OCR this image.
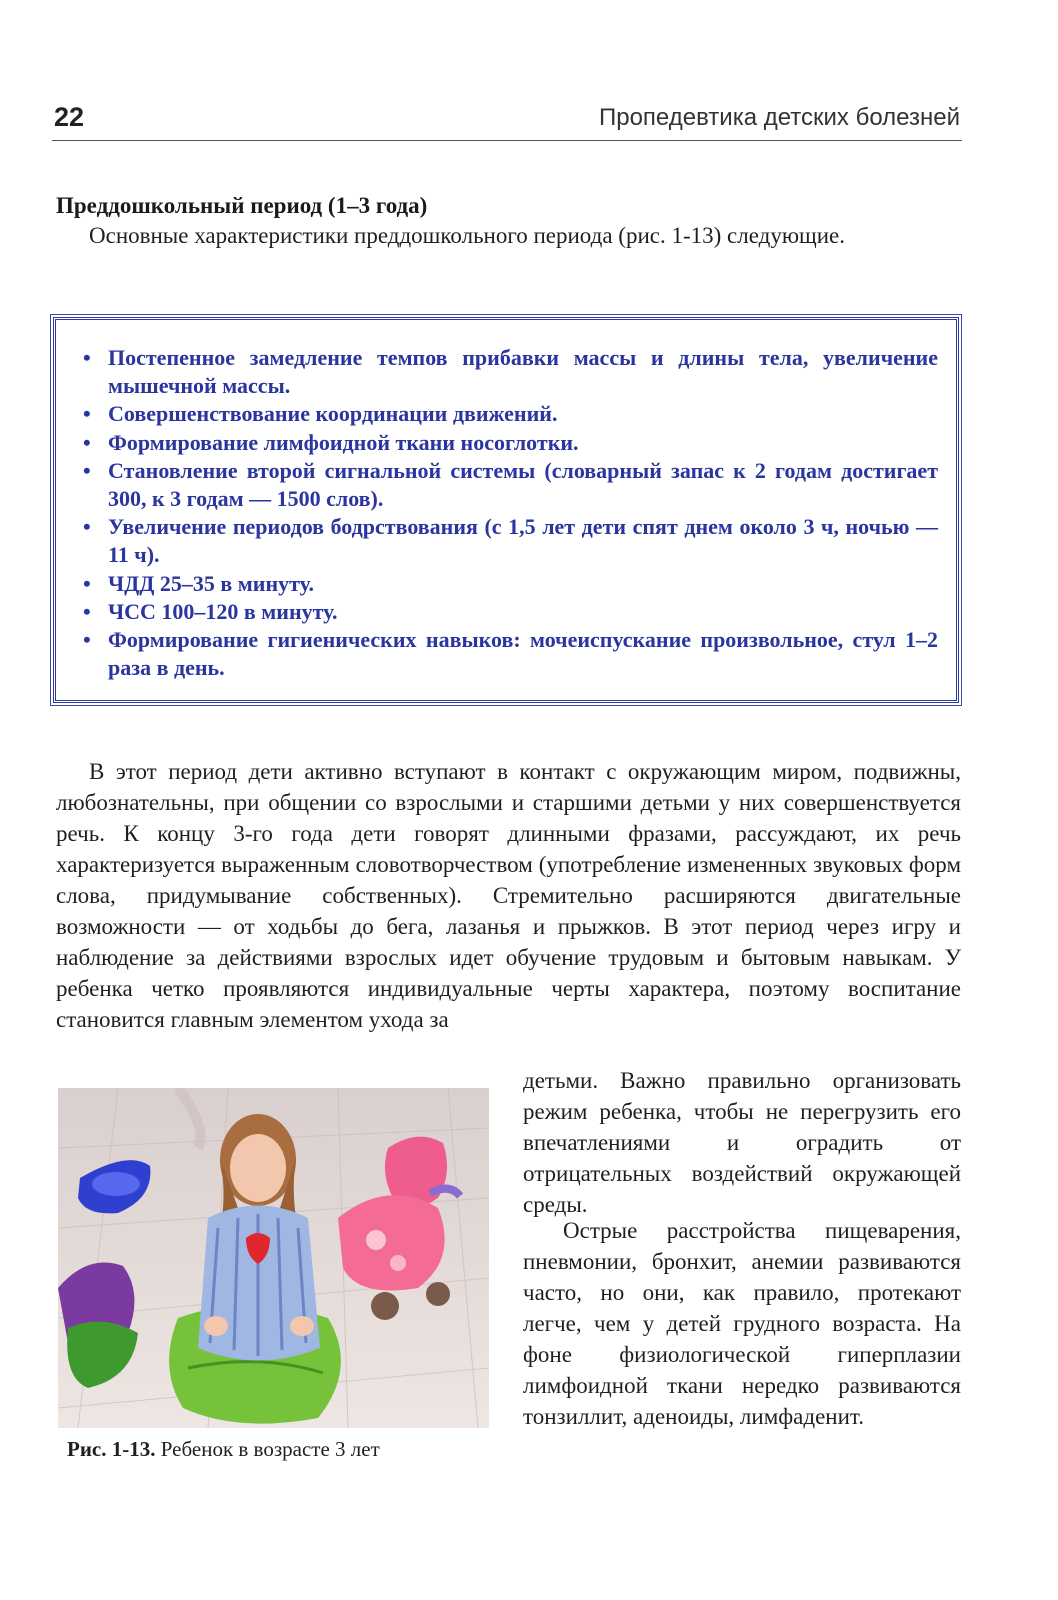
22	Пропедевтика детских болезней
Преддошкольный период (1–3 года)

Основные характеристики преддошкольного периода (рис. 1-13) следующие.

• Постепенное замедление темпов прибавки массы и длины тела, увеличение мышечной массы.
• Совершенствование координации движений.
• Формирование лимфоидной ткани носоглотки.
• Становление второй сигнальной системы (словарный запас к 2 годам достигает 300, к 3 годам — 1500 слов).
• Увеличение периодов бодрствования (с 1,5 лет дети спят днем около 3 ч, ночью — 11 ч).
• ЧДД 25–35 в минуту.
• ЧСС 100–120 в минуту.
• Формирование гигиенических навыков: мочеиспускание произвольное, стул 1–2 раза в день.

В этот период дети активно вступают в контакт с окружающим миром, подвижны, любознательны, при общении со взрослыми и старшими детьми у них совершенствуется речь. К концу 3-го года дети говорят длинными фразами, рассуждают, их речь характеризуется выраженным словотворчеством (употребление измененных звуковых форм слова, придумывание собственных). Стремительно расширяются двигательные возможности — от ходьбы до бега, лазанья и прыжков. В этот период через игру и наблюдение за действиями взрослых идет обучение трудовым и бытовым навыкам. У ребенка четко проявляются индивидуальные черты характера, поэтому воспитание становится главным элементом ухода за

детьми. Важно правильно организовать режим ребенка, чтобы не перегрузить его впечатлениями и оградить от отрицательных воздействий окружающей среды.

Острые расстройства пищеварения, пневмонии, бронхит, анемии развиваются часто, но они, как правило, протекают легче, чем у детей грудного возраста. На фоне физиологической гиперплазии лимфоидной ткани нередко развиваются тонзиллит, аденоиды, лимфаденит.

Рис. 1-13. Ребенок в возрасте 3 лет
